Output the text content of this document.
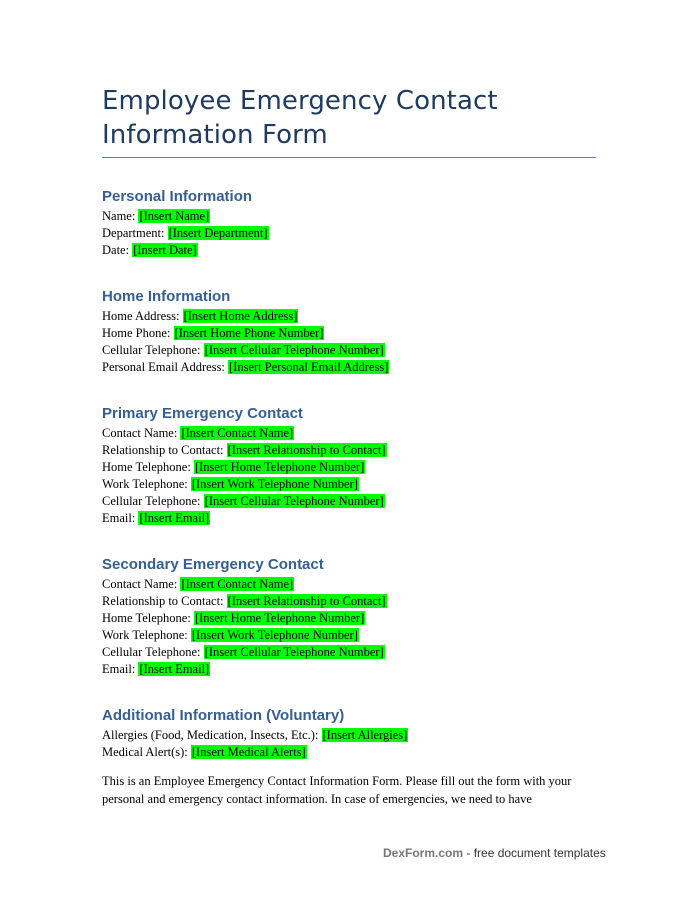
Employee Emergency Contact
Information Form
Personal Information
Name: [Insert Name]
Department: [Insert Department]
Date: [Insert Date]
Home Information
Home Address: [Insert Home Address]
Home Phone: [Insert Home Phone Number]
Cellular Telephone: [Insert Cellular Telephone Number]
Personal Email Address: [Insert Personal Email Address]
Primary Emergency Contact
Contact Name: [Insert Contact Name]
Relationship to Contact: [Insert Relationship to Contact]
Home Telephone: [Insert Home Telephone Number]
Work Telephone: [Insert Work Telephone Number]
Cellular Telephone: [Insert Cellular Telephone Number]
Email: [Insert Email]
Secondary Emergency Contact
Contact Name: [Insert Contact Name]
Relationship to Contact: [Insert Relationship to Contact]
Home Telephone: [Insert Home Telephone Number]
Work Telephone: [Insert Work Telephone Number]
Cellular Telephone: [Insert Cellular Telephone Number]
Email: [Insert Email]
Additional Information (Voluntary)
Allergies (Food, Medication, Insects, Etc.): [Insert Allergies]
Medical Alert(s): [Insert Medical Alerts]
This is an Employee Emergency Contact Information Form. Please fill out the form with your personal and emergency contact information. In case of emergencies, we need to have
DexForm.com - free document templates
